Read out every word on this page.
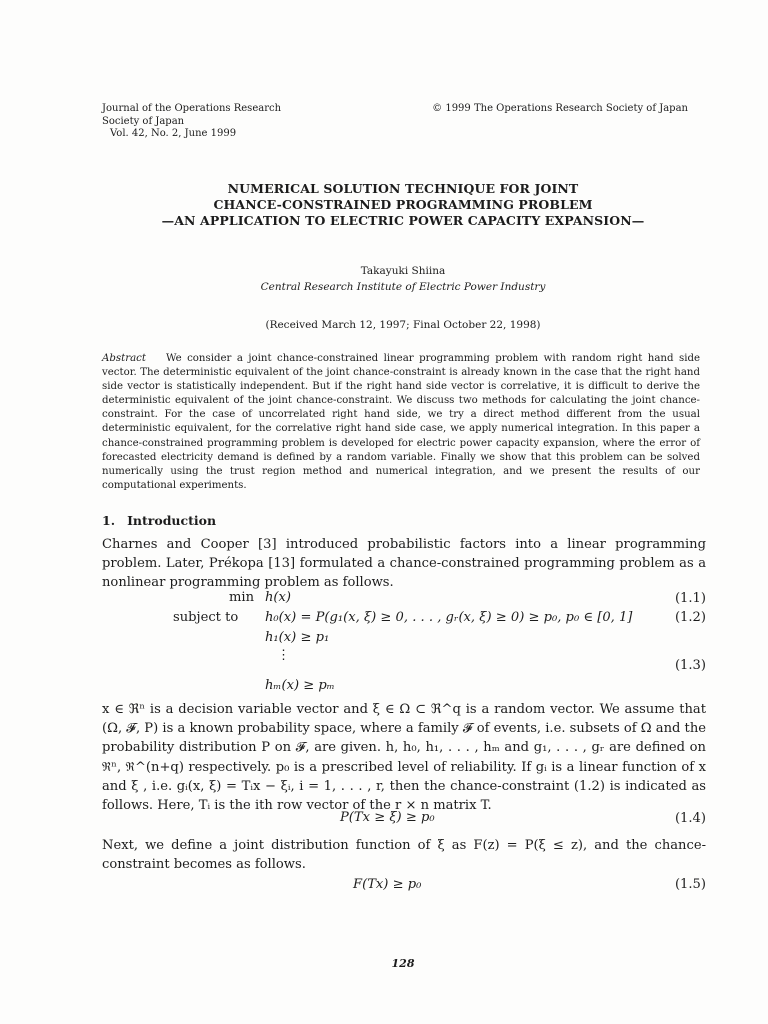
Journal of the Operations Research
Society of Japan
Vol. 42, No. 2, June 1999
© 1999 The Operations Research Society of Japan
NUMERICAL SOLUTION TECHNIQUE FOR JOINT
CHANCE-CONSTRAINED PROGRAMMING PROBLEM
—AN APPLICATION TO ELECTRIC POWER CAPACITY EXPANSION—
Takayuki Shiina
Central Research Institute of Electric Power Industry
(Received March 12, 1997; Final October 22, 1998)
Abstract We consider a joint chance-constrained linear programming problem with random right hand side vector. The deterministic equivalent of the joint chance-constraint is already known in the case that the right hand side vector is statistically independent. But if the right hand side vector is correlative, it is difficult to derive the deterministic equivalent of the joint chance-constraint. We discuss two methods for calculating the joint chance-constraint. For the case of uncorrelated right hand side, we try a direct method different from the usual deterministic equivalent, for the correlative right hand side case, we apply numerical integration. In this paper a chance-constrained programming problem is developed for electric power capacity expansion, where the error of forecasted electricity demand is defined by a random variable. Finally we show that this problem can be solved numerically using the trust region method and numerical integration, and we present the results of our computational experiments.
1. Introduction
Charnes and Cooper [3] introduced probabilistic factors into a linear programming problem. Later, Prékopa [13] formulated a chance-constrained programming problem as a nonlinear programming problem as follows.
min h(x)	(1.1)
subject to h₀(x) = P(g₁(x, ξ) ≥ 0, . . . , gᵣ(x, ξ) ≥ 0) ≥ p₀, p₀ ∈ [0, 1]	(1.2)
h₁(x) ≥ p₁
⋮
(1.3)
hₘ(x) ≥ pₘ
x ∈ ℜⁿ is a decision variable vector and ξ ∈ Ω ⊂ ℜ^q is a random vector. We assume that (Ω, 𝓕, P) is a known probability space, where a family 𝓕 of events, i.e. subsets of Ω and the probability distribution P on 𝓕, are given. h, h₀, h₁, . . . , hₘ and g₁, . . . , gᵣ are defined on ℜⁿ, ℜ^(n+q) respectively. p₀ is a prescribed level of reliability. If gᵢ is a linear function of x and ξ , i.e. gᵢ(x, ξ) = Tᵢx − ξᵢ, i = 1, . . . , r, then the chance-constraint (1.2) is indicated as follows. Here, Tᵢ is the ith row vector of the r × n matrix T.
P(Tx ≥ ξ) ≥ p₀	(1.4)
Next, we define a joint distribution function of ξ as F(z) = P(ξ ≤ z), and the chance-constraint becomes as follows.
F(Tx) ≥ p₀	(1.5)
128
